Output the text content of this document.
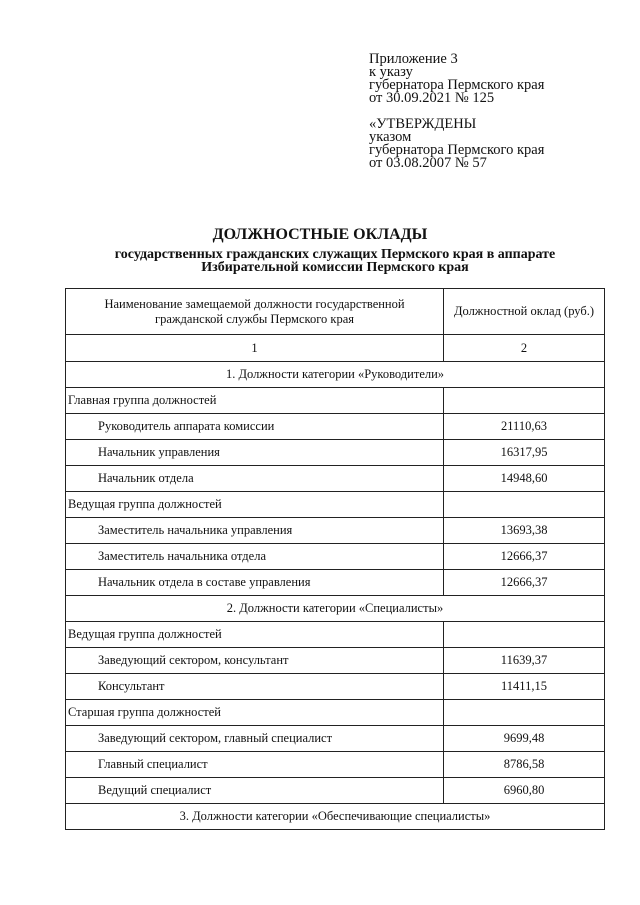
Приложение 3
к указу
губернатора Пермского края
от 30.09.2021 № 125
«УТВЕРЖДЕНЫ
указом
губернатора Пермского края
от 03.08.2007 № 57
ДОЛЖНОСТНЫЕ ОКЛАДЫ
государственных гражданских служащих Пермского края в аппарате
Избирательной комиссии Пермского края
Наименование замещаемой должности государственной гражданской службы Пермского края	Должностной оклад (руб.)
1	2
1. Должности категории «Руководители»	
Главная группа должностей	
Руководитель аппарата комиссии	21110,63
Начальник управления	16317,95
Начальник отдела	14948,60
Ведущая группа должностей	
Заместитель начальника управления	13693,38
Заместитель начальника отдела	12666,37
Начальник отдела в составе управления	12666,37
2. Должности категории «Специалисты»	
Ведущая группа должностей	
Заведующий сектором, консультант	11639,37
Консультант	11411,15
Старшая группа должностей	
Заведующий сектором, главный специалист	9699,48
Главный специалист	8786,58
Ведущий специалист	6960,80
3. Должности категории «Обеспечивающие специалисты»	
